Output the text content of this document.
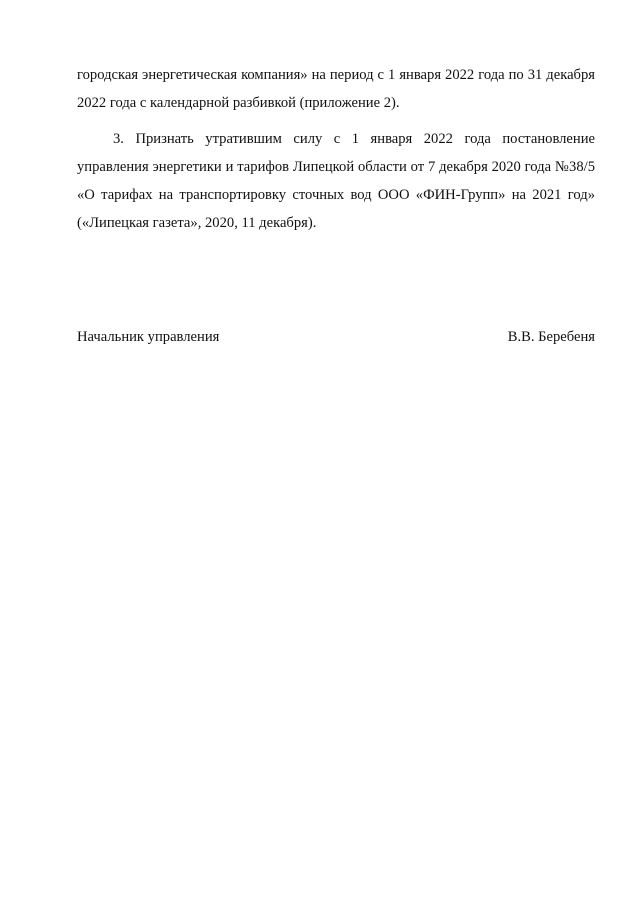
городская энергетическая компания» на период с 1 января 2022 года по 31 декабря 2022 года с календарной разбивкой (приложение 2).

3. Признать утратившим силу с 1 января 2022 года постановление управления энергетики и тарифов Липецкой области от 7 декабря 2020 года №38/5 «О тарифах на транспортировку сточных вод ООО «ФИН-Групп» на 2021 год» («Липецкая газета», 2020, 11 декабря).

Начальник управления	В.В. Беребеня
